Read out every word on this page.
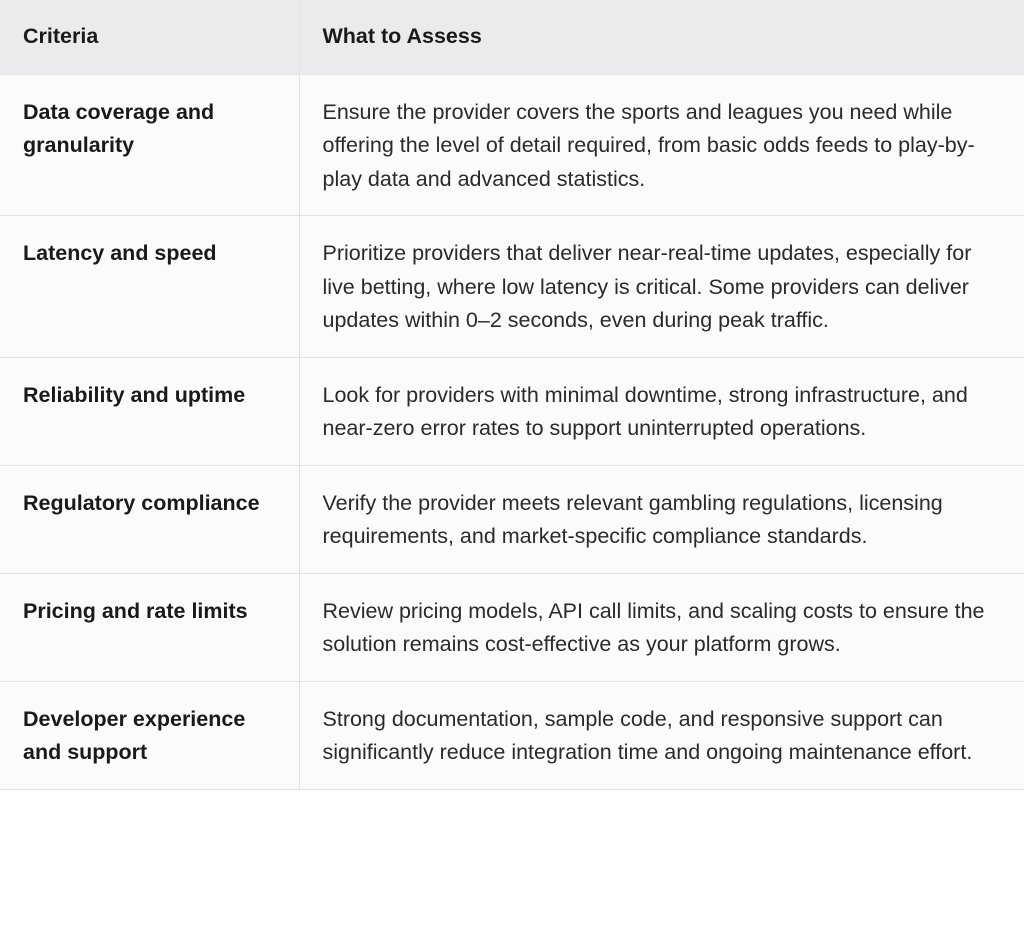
Criteria	What to Assess
Data coverage and granularity	Ensure the provider covers the sports and leagues you need while offering the level of detail required, from basic odds feeds to play-by-play data and advanced statistics.
Latency and speed	Prioritize providers that deliver near-real-time updates, especially for live betting, where low latency is critical. Some providers can deliver updates within 0–2 seconds, even during peak traffic.
Reliability and uptime	Look for providers with minimal downtime, strong infrastructure, and near-zero error rates to support uninterrupted operations.
Regulatory compliance	Verify the provider meets relevant gambling regulations, licensing requirements, and market-specific compliance standards.
Pricing and rate limits	Review pricing models, API call limits, and scaling costs to ensure the solution remains cost-effective as your platform grows.
Developer experience and support	Strong documentation, sample code, and responsive support can significantly reduce integration time and ongoing maintenance effort.
